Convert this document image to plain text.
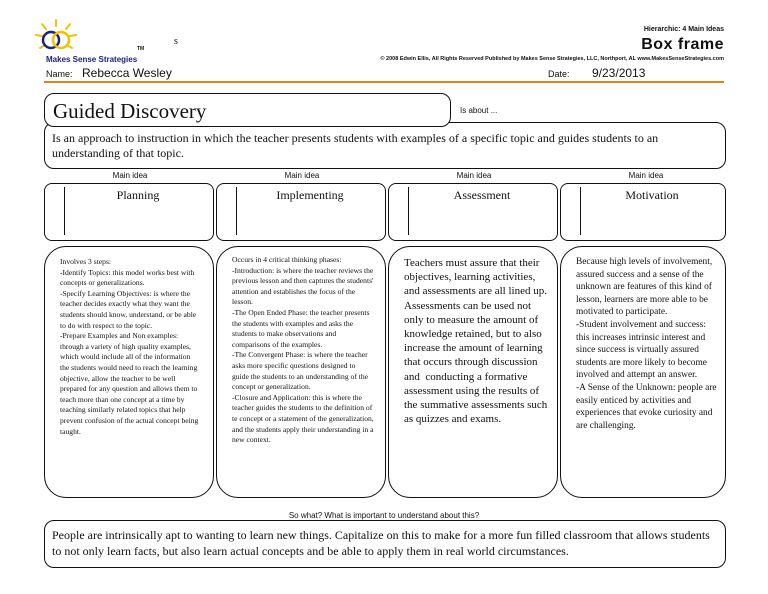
Makes Sense Strategies
TM
s
Hierarchic: 4 Main Ideas
Box frame
© 2008 Edwin Ellis, All Rights Reserved Published by Makes Sense Strategies, LLC, Northport, AL www.MakesSenseStrategies.com
Name: Rebecca Wesley	Date: 9/23/2013
Guided Discovery	Is about ...
Is an approach to instruction in which the teacher presents students with examples of a specific topic and guides students to an understanding of that topic.
Main idea
Planning
Involves 3 steps:
-Identify Topics: this model works best with concepts or generalizations.
-Specify Learning Objectives: is where the teacher decides exactly what they want the students should know, understand, or be able to do with respect to the topic.
-Prepare Examples and Non examples: through a variety of high quality examples, which would include all of the information the students would need to reach the learning objective, allow the teacher to be well prepared for any question and allows them to teach more than one concept at a time by teaching similarly related topics that help prevent confusion of the actual concept being taught.
Main idea
Implementing
Occurs in 4 critical thinking phases:
-Introduction: is where the teacher reviews the previous lesson and then captures the students' attention and establishes the focus of the lesson.
-The Open Ended Phase: the teacher presents the students with examples and asks the students to make observations and comparisons of the examples.
-The Convergent Phase: is where the teacher asks more specific questions designed to guide the students to an understanding of the concept or generalization.
-Closure and Application: this is where the teacher guides the students to the definition of te concept or a statement of the generalization, and the students apply their understanding in a new context.
Main idea
Assessment
Teachers must assure that their objectives, learning activities, and assessments are all lined up.
Assessments can be used not only to measure the amount of knowledge retained, but to also increase the amount of learning that occurs through discussion and  conducting a formative assessment using the results of the summative assessments such as quizzes and exams.
Main idea
Motivation
Because high levels of involvement, assured success and a sense of the unknown are features of this kind of lesson, learners are more able to be motivated to participate.
-Student involvement and success: this increases intrinsic interest and since success is virtually assured students are more likely to become involved and attempt an answer.
-A Sense of the Unknown: people are easily enticed by activities and experiences that evoke curiosity and are challenging.
So what? What is important to understand about this?
People are intrinsically apt to wanting to learn new things. Capitalize on this to make for a more fun filled classroom that allows students to not only learn facts, but also learn actual concepts and be able to apply them in real world circumstances.
